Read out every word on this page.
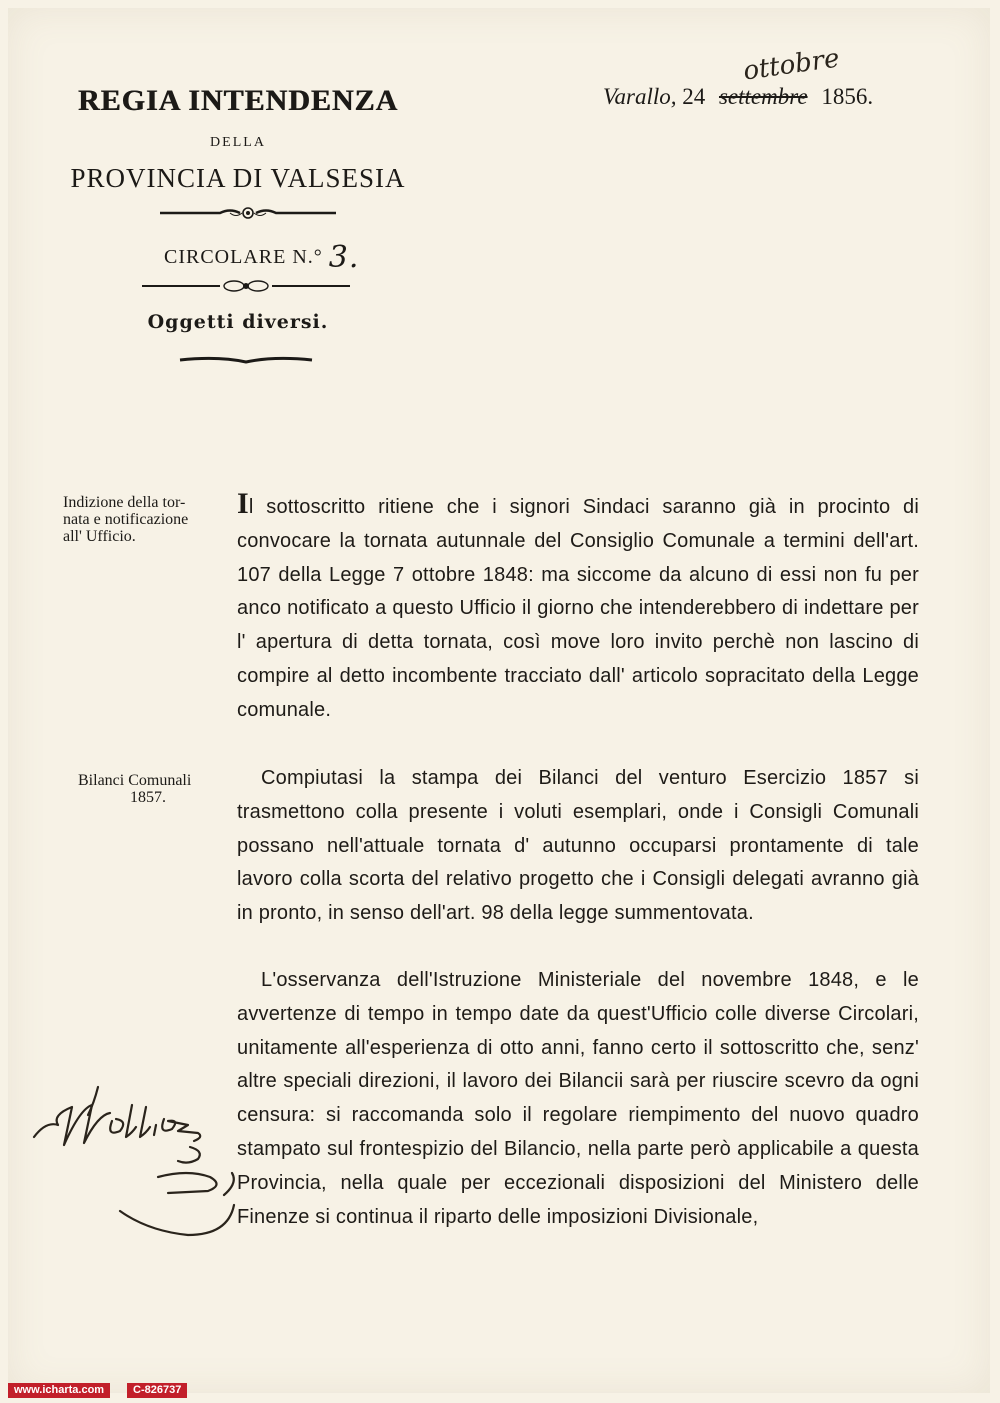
REGIA INTENDENZA
DELLA
PROVINCIA DI VALSESIA
CIRCOLARE N.° 3.
Oggetti diversi.
Varallo, 24 settembre 1856.
ottobre
Indizione della tor-
nata e notificazione
all' Ufficio.
Bilanci Comunali
1857.
Il sottoscritto ritiene che i signori Sindaci saranno già in procinto di convocare la tornata autunnale del Consiglio Comunale a termini dell'art. 107 della Legge 7 ottobre 1848: ma siccome da alcuno di essi non fu per anco notificato a questo Ufficio il giorno che intenderebbero di indettare per l' apertura di detta tornata, così move loro invito perchè non lascino di compire al detto incombente tracciato dall' articolo sopracitato della Legge comunale.
Compiutasi la stampa dei Bilanci del venturo Esercizio 1857 si trasmettono colla presente i voluti esemplari, onde i Consigli Comunali possano nell'attuale tornata d' autunno occuparsi prontamente di tale lavoro colla scorta del relativo progetto che i Consigli delegati avranno già in pronto, in senso dell'art. 98 della legge summentovata.
L'osservanza dell'Istruzione Ministeriale del novembre 1848, e le avvertenze di tempo in tempo date da quest'Ufficio colle diverse Circolari, unitamente all'esperienza di otto anni, fanno certo il sottoscritto che, senz' altre speciali direzioni, il lavoro dei Bilancii sarà per riuscire scevro da ogni censura: si raccomanda solo il regolare riempimento del nuovo quadro stampato sul frontespizio del Bilancio, nella parte però applicabile a questa Provincia, nella quale per eccezionali disposizioni del Ministero delle Finenze si continua il riparto delle imposizioni Divisionale,
www.icharta.com	C-826737
